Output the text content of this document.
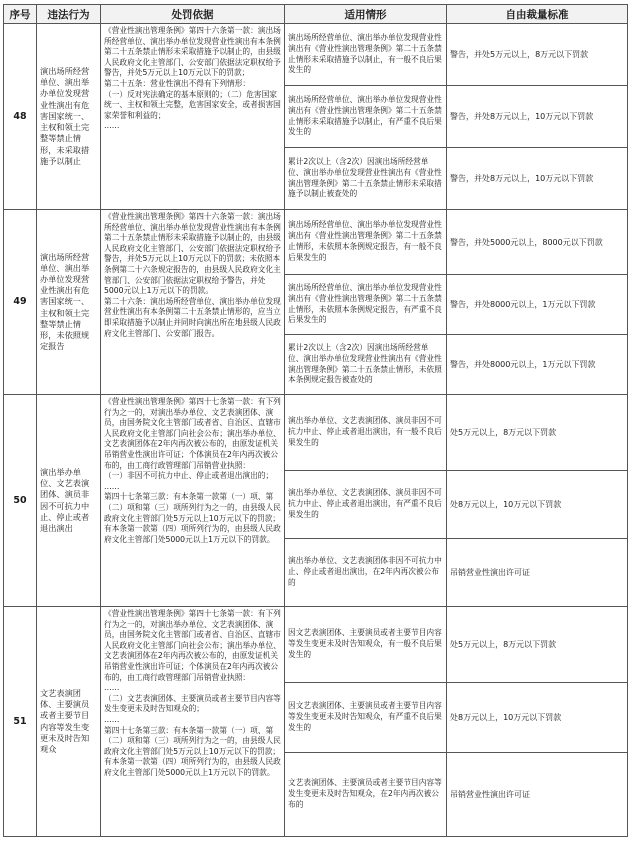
序号	违法行为	处罚依据	适用情形	自由裁量标准
48	演出场所经营单位、演出举办单位发现营业性演出有危害国家统一、主权和领土完整等禁止情形，未采取措施予以制止	《营业性演出管理条例》第四十六条第一款：演出场所经营单位、演出举办单位发现营业性演出有本条例第二十五条禁止情形未采取措施予以制止的，由县级人民政府文化主管部门、公安部门依据法定职权给予警告，并处5万元以上10万元以下的罚款；
第二十五条：营业性演出不得有下列情形：
（一）反对宪法确定的基本原则的；（二）危害国家统一、主权和领土完整，危害国家安全，或者损害国家荣誉和利益的；
……	演出场所经营单位、演出举办单位发现营业性演出有《营业性演出管理条例》第二十五条禁止情形未采取措施予以制止，有一般不良后果发生的	警告，并处5万元以上，8万元以下罚款
			演出场所经营单位、演出举办单位发现营业性演出有《营业性演出管理条例》第二十五条禁止情形未采取措施予以制止，有严重不良后果发生的	警告，并处8万元以上，10万元以下罚款
			累计2次以上（含2次）因演出场所经营单位、演出举办单位发现营业性演出有《营业性演出管理条例》第二十五条禁止情形未采取措施予以制止被查处的	警告，并处8万元以上，10万元以下罚款
49	演出场所经营单位、演出举办单位发现营业性演出有危害国家统一、主权和领土完整等禁止情形，未依照规定报告	《营业性演出管理条例》第四十六条第一款：演出场所经营单位、演出举办单位发现营业性演出有本条例第二十五条禁止情形未采取措施予以制止的，由县级人民政府文化主管部门、公安部门依据法定职权给予警告，并处5万元以上10万元以下的罚款；未依照本条例第二十六条规定报告的，由县级人民政府文化主管部门、公安部门依据法定职权给予警告，并处5000元以上1万元以下的罚款。
第二十六条：演出场所经营单位、演出举办单位发现营业性演出有本条例第二十五条禁止情形的，应当立即采取措施予以制止并同时向演出所在地县级人民政府文化主管部门、公安部门报告。	演出场所经营单位、演出举办单位发现营业性演出有《营业性演出管理条例》第二十五条禁止情形，未依照本条例规定报告，有一般不良后果发生的	警告，并处5000元以上，8000元以下罚款
			演出场所经营单位、演出举办单位发现营业性演出有《营业性演出管理条例》第二十五条禁止情形，未依照本条例规定报告，有严重不良后果发生的	警告，并处8000元以上，1万元以下罚款
			累计2次以上（含2次）因演出场所经营单位、演出举办单位发现营业性演出有《营业性演出管理条例》第二十五条禁止情形，未依照本条例规定报告被查处的	警告，并处8000元以上，1万元以下罚款
50	演出举办单位、文艺表演团体、演员非因不可抗力中止、停止或者退出演出	《营业性演出管理条例》第四十七条第一款：有下列行为之一的，对演出举办单位、文艺表演团体、演员，由国务院文化主管部门或者省、自治区、直辖市人民政府文化主管部门向社会公布；演出举办单位、文艺表演团体在2年内再次被公布的，由原发证机关吊销营业性演出许可证；个体演员在2年内再次被公布的，由工商行政管理部门吊销营业执照：
（一）非因不可抗力中止、停止或者退出演出的；
……
第四十七条第三款：有本条第一款第（一）项、第（二）项和第（三）项所列行为之一的，由县级人民政府文化主管部门处5万元以上10万元以下的罚款；有本条第一款第（四）项所列行为的，由县级人民政府文化主管部门处5000元以上1万元以下的罚款。	演出举办单位、文艺表演团体、演员非因不可抗力中止、停止或者退出演出，有一般不良后果发生的	处5万元以上，8万元以下罚款
			演出举办单位、文艺表演团体、演员非因不可抗力中止、停止或者退出演出，有严重不良后果发生的	处8万元以上，10万元以下罚款
			演出举办单位、文艺表演团体非因不可抗力中止、停止或者退出演出，在2年内再次被公布的	吊销营业性演出许可证
51	文艺表演团体、主要演员或者主要节目内容等发生变更未及时告知观众	《营业性演出管理条例》第四十七条第一款：有下列行为之一的，对演出举办单位、文艺表演团体、演员，由国务院文化主管部门或者省、自治区、直辖市人民政府文化主管部门向社会公布；演出举办单位、文艺表演团体在2年内再次被公布的，由原发证机关吊销营业性演出许可证；个体演员在2年内再次被公布的，由工商行政管理部门吊销营业执照：
……
（二）文艺表演团体、主要演员或者主要节目内容等发生变更未及时告知观众的；
……
第四十七条第三款：有本条第一款第（一）项、第（二）项和第（三）项所列行为之一的，由县级人民政府文化主管部门处5万元以上10万元以下的罚款；有本条第一款第（四）项所列行为的，由县级人民政府文化主管部门处5000元以上1万元以下的罚款。	因文艺表演团体、主要演员或者主要节目内容等发生变更未及时告知观众，有一般不良后果发生的	处5万元以上，8万元以下罚款
			因文艺表演团体、主要演员或者主要节目内容等发生变更未及时告知观众，有严重不良后果发生的	处8万元以上，10万元以下罚款
			文艺表演团体、主要演员或者主要节目内容等发生变更未及时告知观众，在2年内再次被公布的	吊销营业性演出许可证
